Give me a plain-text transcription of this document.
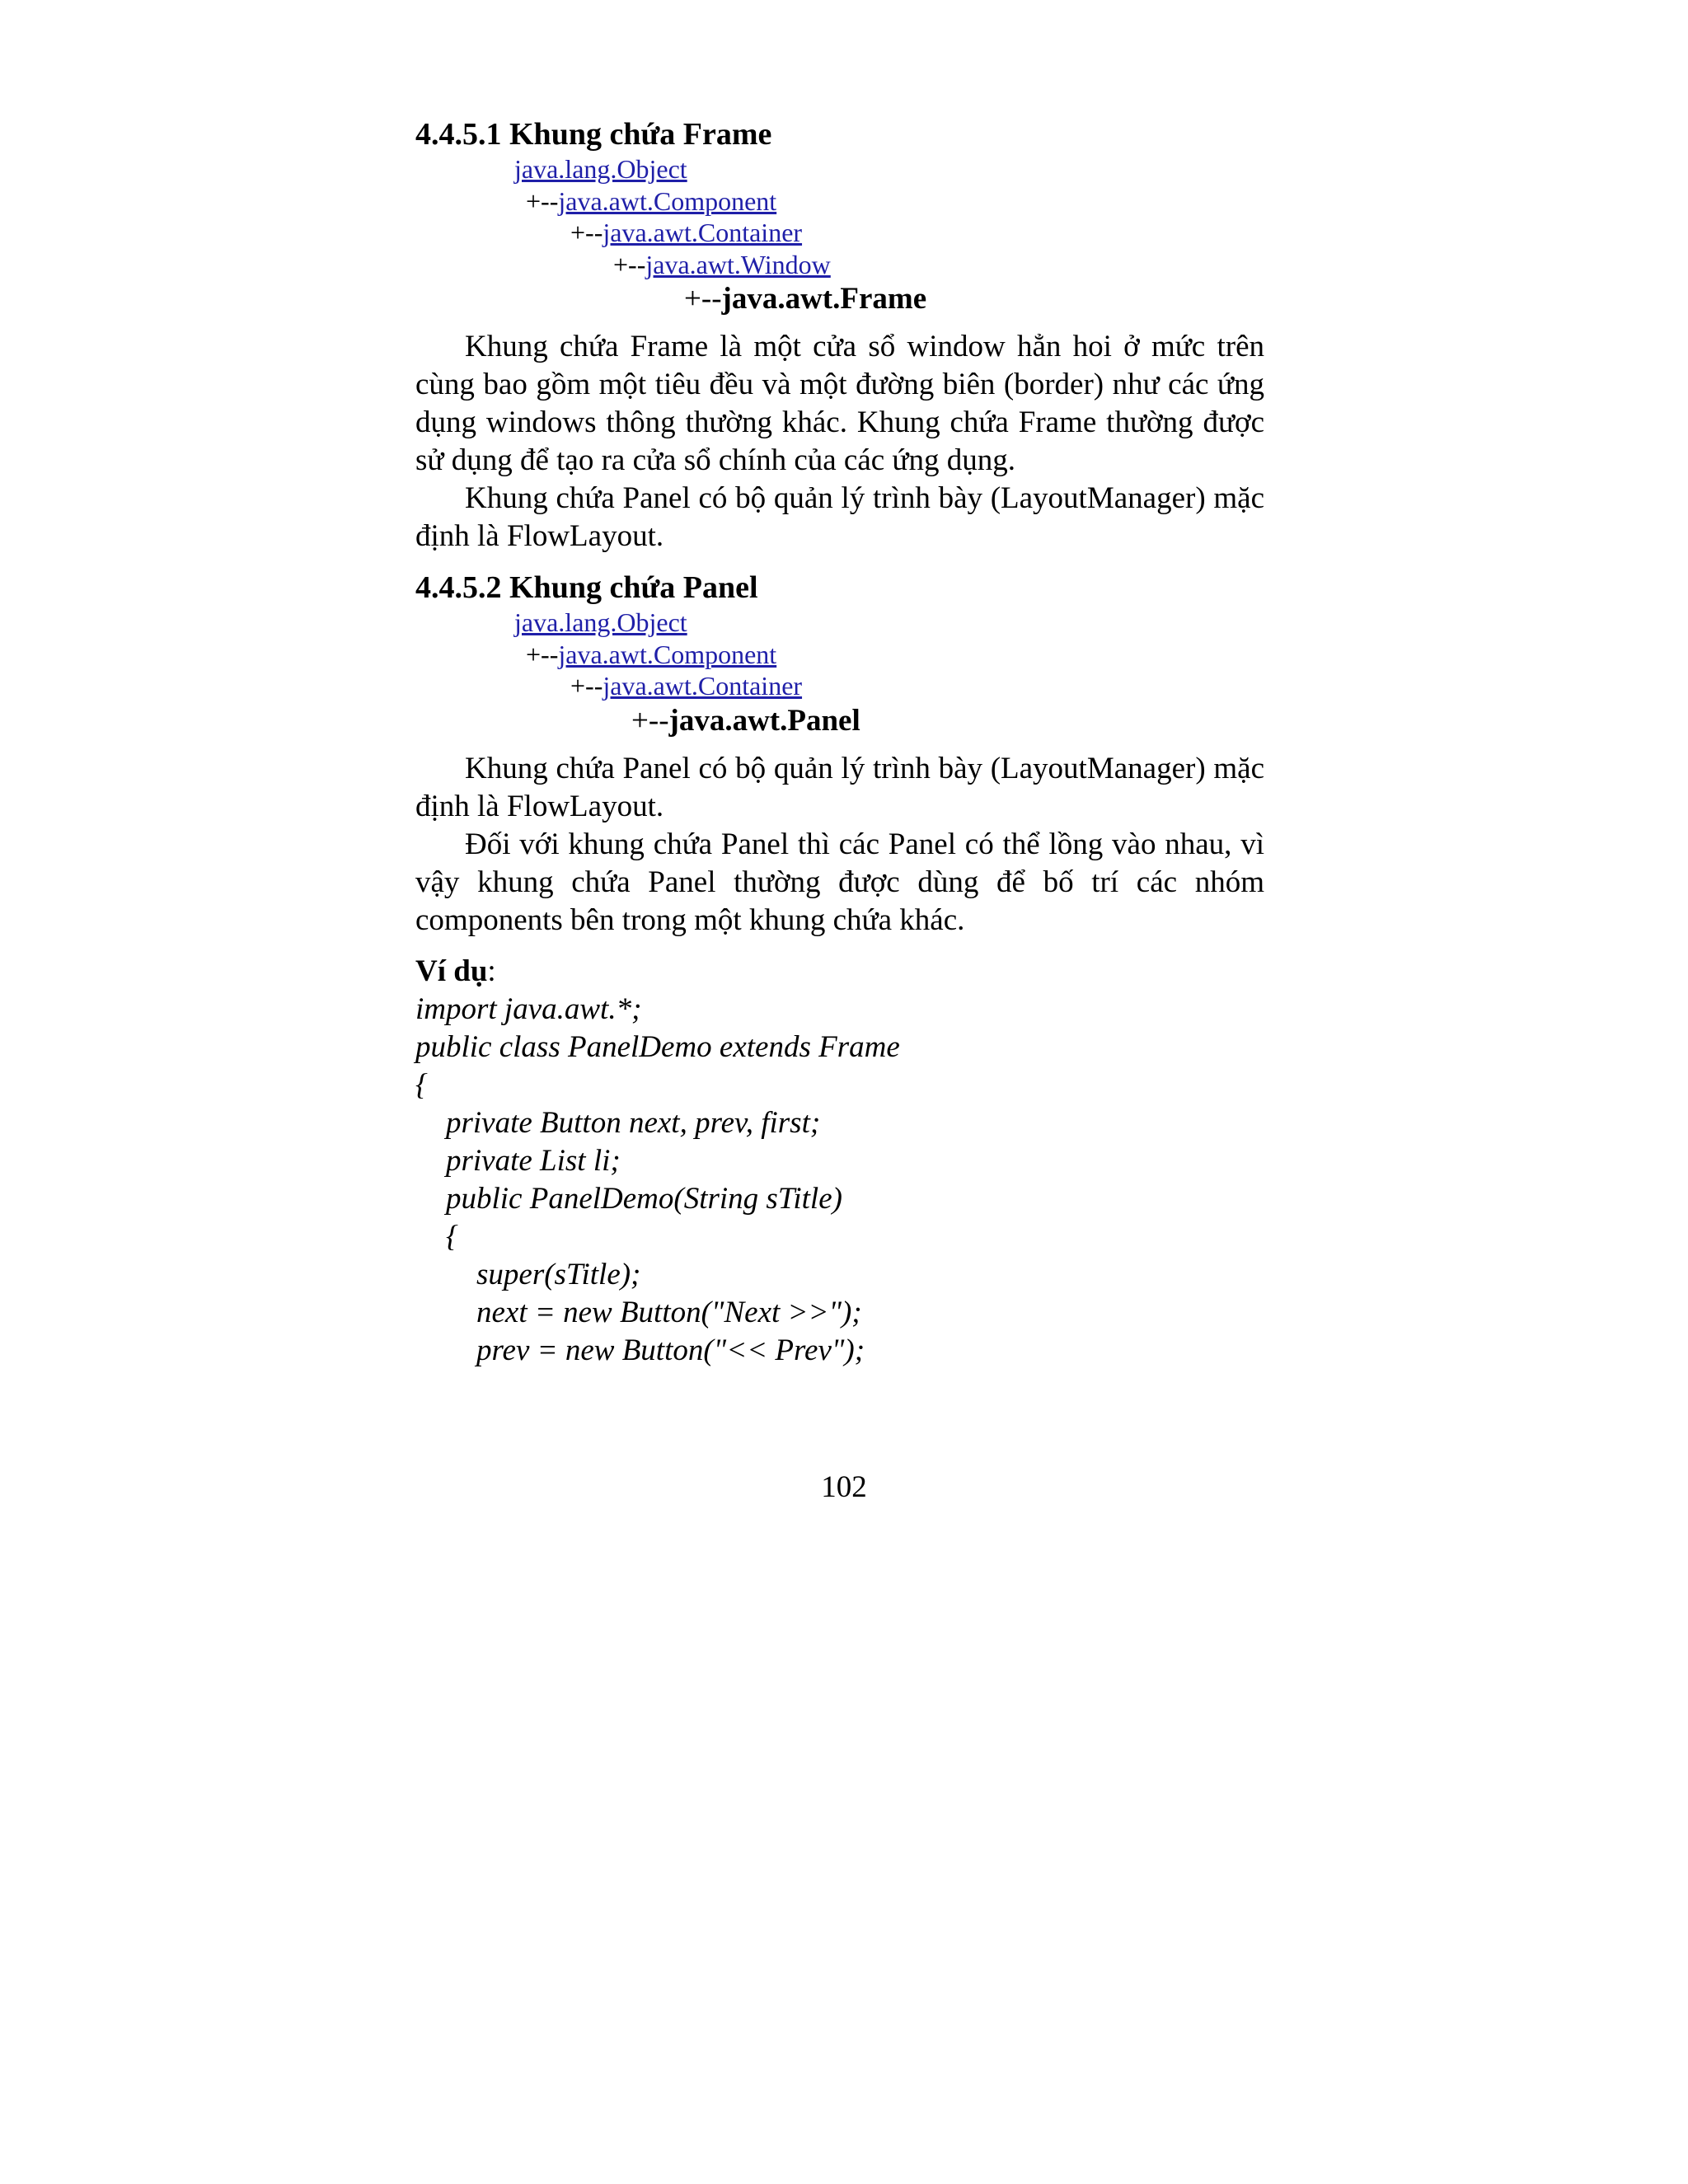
4.4.5.1 Khung chứa Frame
java.lang.Object
+--java.awt.Component
+--java.awt.Container
+--java.awt.Window
+--java.awt.Frame

Khung chứa Frame là một cửa sổ window hẳn hoi ở mức trên cùng bao gồm một tiêu đều và một đường biên (border) như các ứng dụng windows thông thường khác. Khung chứa Frame thường được sử dụng để tạo ra cửa sổ chính của các ứng dụng.

Khung chứa Panel có bộ quản lý trình bày (LayoutManager) mặc định là FlowLayout.

4.4.5.2 Khung chứa Panel
java.lang.Object
+--java.awt.Component
+--java.awt.Container
+--java.awt.Panel

Khung chứa Panel có bộ quản lý trình bày (LayoutManager) mặc định là FlowLayout.

Đối với khung chứa Panel thì các Panel có thể lồng vào nhau, vì vậy khung chứa Panel thường được dùng để bố trí các nhóm components bên trong một khung chứa khác.

Ví dụ:

import java.awt.*;
public class PanelDemo extends Frame
{
private Button next, prev, first;
private List li;
public PanelDemo(String sTitle)
{
super(sTitle);
next = new Button("Next >>");
prev = new Button("<< Prev");
102
